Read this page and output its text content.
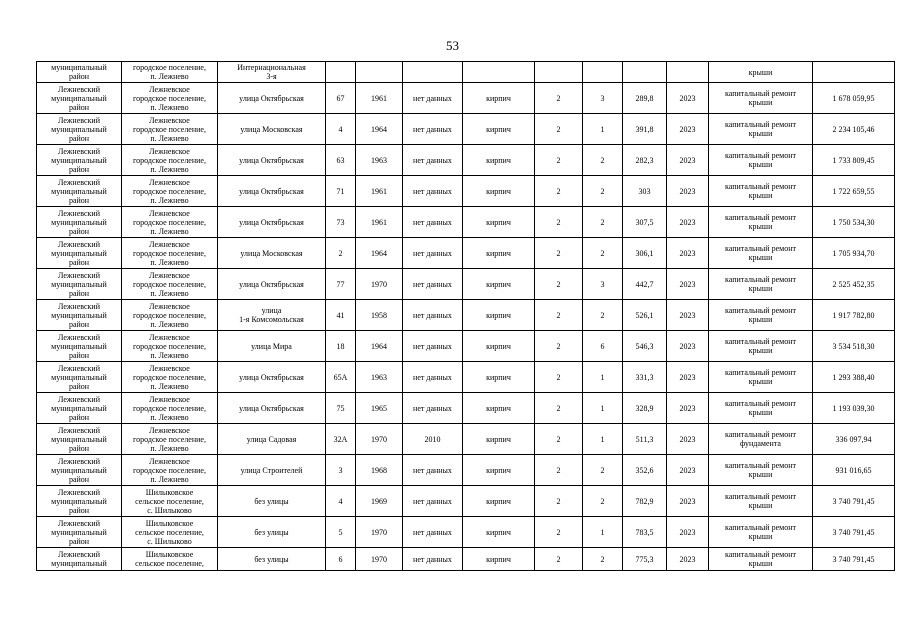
53
муниципальный
район	городское поселение,
п. Лежнево	Интернациональная
3-я									крыши	
Лежневский
муниципальный
район	Лежневское
городское поселение,
п. Лежнево	улица Октябрьская	67	1961	нет данных	кирпич	2	3	289,8	2023	капитальный ремонт
крыши	1 678 059,95
Лежневский
муниципальный
район	Лежневское
городское поселение,
п. Лежнево	улица Московская	4	1964	нет данных	кирпич	2	1	391,8	2023	капитальный ремонт
крыши	2 234 105,46
Лежневский
муниципальный
район	Лежневское
городское поселение,
п. Лежнево	улица Октябрьская	63	1963	нет данных	кирпич	2	2	282,3	2023	капитальный ремонт
крыши	1 733 809,45
Лежневский
муниципальный
район	Лежневское
городское поселение,
п. Лежнево	улица Октябрьская	71	1961	нет данных	кирпич	2	2	303	2023	капитальный ремонт
крыши	1 722 659,55
Лежневский
муниципальный
район	Лежневское
городское поселение,
п. Лежнево	улица Октябрьская	73	1961	нет данных	кирпич	2	2	307,5	2023	капитальный ремонт
крыши	1 750 534,30
Лежневский
муниципальный
район	Лежневское
городское поселение,
п. Лежнево	улица Московская	2	1964	нет данных	кирпич	2	2	306,1	2023	капитальный ремонт
крыши	1 705 934,70
Лежневский
муниципальный
район	Лежневское
городское поселение,
п. Лежнево	улица Октябрьская	77	1970	нет данных	кирпич	2	3	442,7	2023	капитальный ремонт
крыши	2 525 452,35
Лежневский
муниципальный
район	Лежневское
городское поселение,
п. Лежнево	улица
1-я Комсомольская	41	1958	нет данных	кирпич	2	2	526,1	2023	капитальный ремонт
крыши	1 917 782,80
Лежневский
муниципальный
район	Лежневское
городское поселение,
п. Лежнево	улица Мира	18	1964	нет данных	кирпич	2	6	546,3	2023	капитальный ремонт
крыши	3 534 518,30
Лежневский
муниципальный
район	Лежневское
городское поселение,
п. Лежнево	улица Октябрьская	65А	1963	нет данных	кирпич	2	1	331,3	2023	капитальный ремонт
крыши	1 293 388,40
Лежневский
муниципальный
район	Лежневское
городское поселение,
п. Лежнево	улица Октябрьская	75	1965	нет данных	кирпич	2	1	328,9	2023	капитальный ремонт
крыши	1 193 039,30
Лежневский
муниципальный
район	Лежневское
городское поселение,
п. Лежнево	улица Садовая	32А	1970	2010	кирпич	2	1	511,3	2023	капитальный ремонт
фундамента	336 097,94
Лежневский
муниципальный
район	Лежневское
городское поселение,
п. Лежнево	улица Строителей	3	1968	нет данных	кирпич	2	2	352,6	2023	капитальный ремонт
крыши	931 016,65
Лежневский
муниципальный
район	Шилыковское
сельское поселение,
с. Шилыково	без улицы	4	1969	нет данных	кирпич	2	2	782,9	2023	капитальный ремонт
крыши	3 740 791,45
Лежневский
муниципальный
район	Шилыковское
сельское поселение,
с. Шилыково	без улицы	5	1970	нет данных	кирпич	2	1	783,5	2023	капитальный ремонт
крыши	3 740 791,45
Лежневский
муниципальный	Шилыковское
сельское поселение,	без улицы	6	1970	нет данных	кирпич	2	2	775,3	2023	капитальный ремонт
крыши	3 740 791,45
